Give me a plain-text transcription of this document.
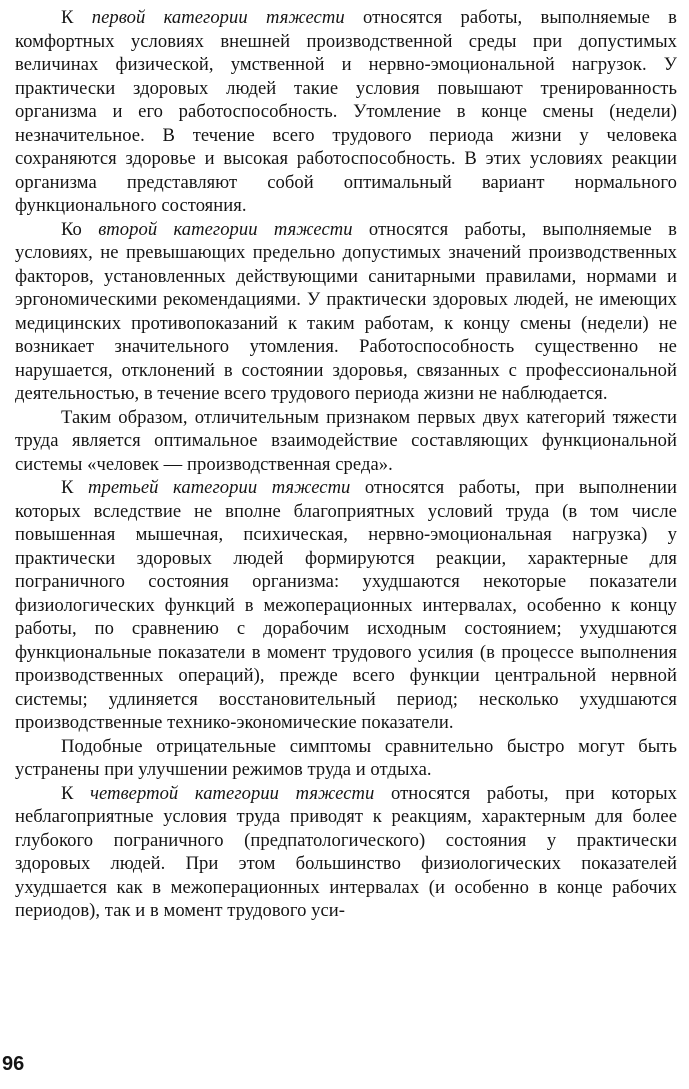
К первой категории тяжести относятся работы, выполняемые в комфортных условиях внешней производственной среды при допустимых величинах физической, умственной и нервно-эмоциональной нагрузок. У практически здоровых людей такие условия повышают тренированность организма и его работоспособность. Утомление в конце смены (недели) незначительное. В течение всего трудового периода жизни у человека сохраняются здоровье и высокая работоспособность. В этих условиях реакции организма представляют собой оптимальный вариант нормального функционального состояния.

Ко второй категории тяжести относятся работы, выполняемые в условиях, не превышающих предельно допустимых значений производственных факторов, установленных действующими санитарными правилами, нормами и эргономическими рекомендациями. У практически здоровых людей, не имеющих медицинских противопоказаний к таким работам, к концу смены (недели) не возникает значительного утомления. Работоспособность существенно не нарушается, отклонений в состоянии здоровья, связанных с профессиональной деятельностью, в течение всего трудового периода жизни не наблюдается.

Таким образом, отличительным признаком первых двух категорий тяжести труда является оптимальное взаимодействие составляющих функциональной системы «человек — производственная среда».

К третьей категории тяжести относятся работы, при выполнении которых вследствие не вполне благоприятных условий труда (в том числе повышенная мышечная, психическая, нервно-эмоциональная нагрузка) у практически здоровых людей формируются реакции, характерные для пограничного состояния организма: ухудшаются некоторые показатели физиологических функций в межоперационных интервалах, особенно к концу работы, по сравнению с дорабочим исходным состоянием; ухудшаются функциональные показатели в момент трудового усилия (в процессе выполнения производственных операций), прежде всего функции центральной нервной системы; удлиняется восстановительный период; несколько ухудшаются производственные технико-экономические показатели.

Подобные отрицательные симптомы сравнительно быстро могут быть устранены при улучшении режимов труда и отдыха.

К четвертой категории тяжести относятся работы, при которых неблагоприятные условия труда приводят к реакциям, характерным для более глубокого пограничного (предпатологического) состояния у практически здоровых людей. При этом большинство физиологических показателей ухудшается как в межоперационных интервалах (и особенно в конце рабочих периодов), так и в момент трудового уси-

96
